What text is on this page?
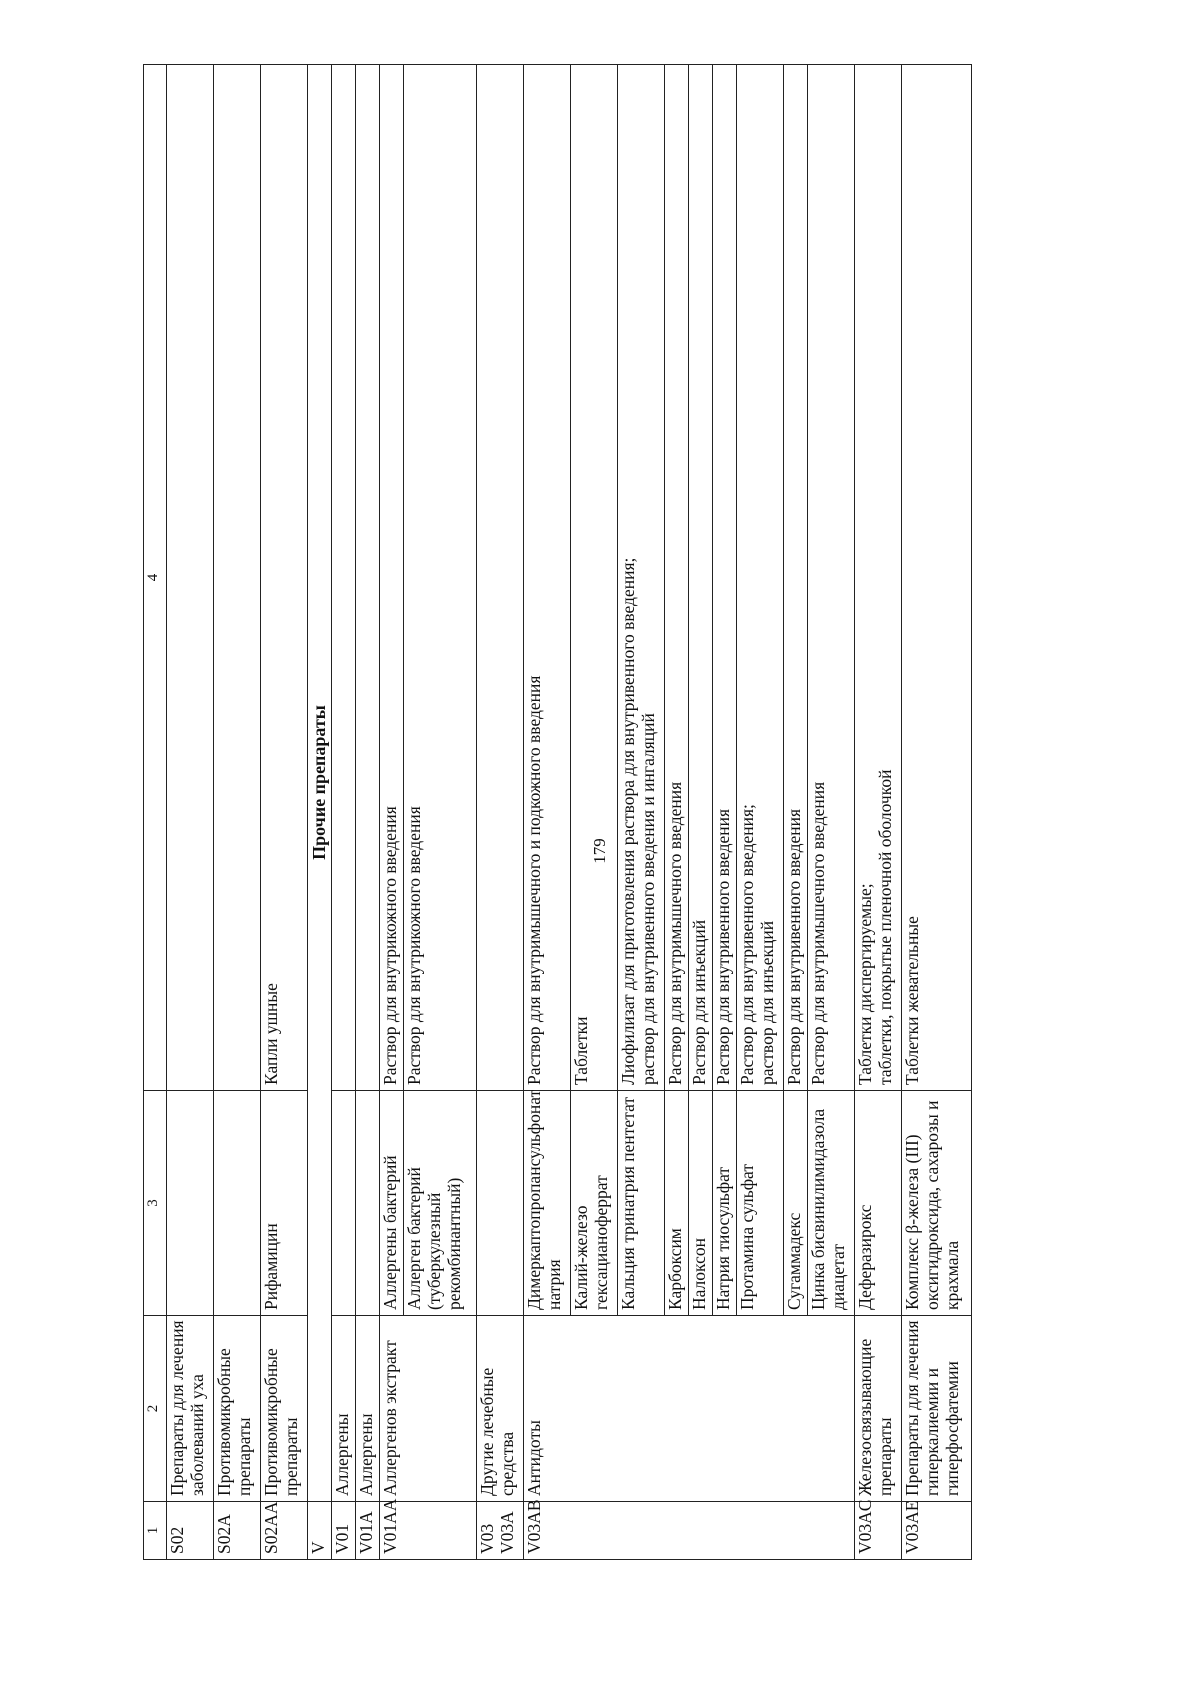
179
1	2	3	4
S02	Препараты для лечения заболеваний уха		
S02A	Противомикробные препараты		
S02AA	Противомикробные препараты	Рифамицин	Капли ушные
V	Прочие препараты		
V01	Аллергены		
V01A	Аллергены		
V01AA	Аллергенов экстракт	Аллергены бактерий	Раствор для внутрикожного введения
		Аллерген бактерий (туберкулезный рекомбинантный)	Раствор для внутрикожного введения

V03 V03A	Другие лечебные средства		
V03AB	Антидоты	Димеркаптопропансульфонат натрия	Раствор для внутримышечного и подкожного введения
		Калий-железо гексацианоферрат	Таблетки
		Кальция тринатрия пентетат	Лиофилизат для приготовления раствора для внутривенного введения; раствор для внутривенного введения и ингаляций

		Карбоксим	Раствор для внутримышечного введения
		Налоксон	Раствор для инъекций
		Натрия тиосульфат	Раствор для внутривенного введения
		Протамина сульфат	Раствор для внутривенного введения; раствор для инъекций

		Сугаммадекс	Раствор для внутривенного введения
		Цинка бисвинилимидазола диацетат	Раствор для внутримышечного введения
V03AC	Железосвязывающие препараты	Деферазирокс	Таблетки диспергируемые; таблетки, покрытые пленочной оболочкой

V03AE	Препараты для лечения гиперкалиемии и гиперфосфатемии	Комплекс β-железа (III) оксигидроксида, сахарозы и крахмала	Таблетки жевательные
